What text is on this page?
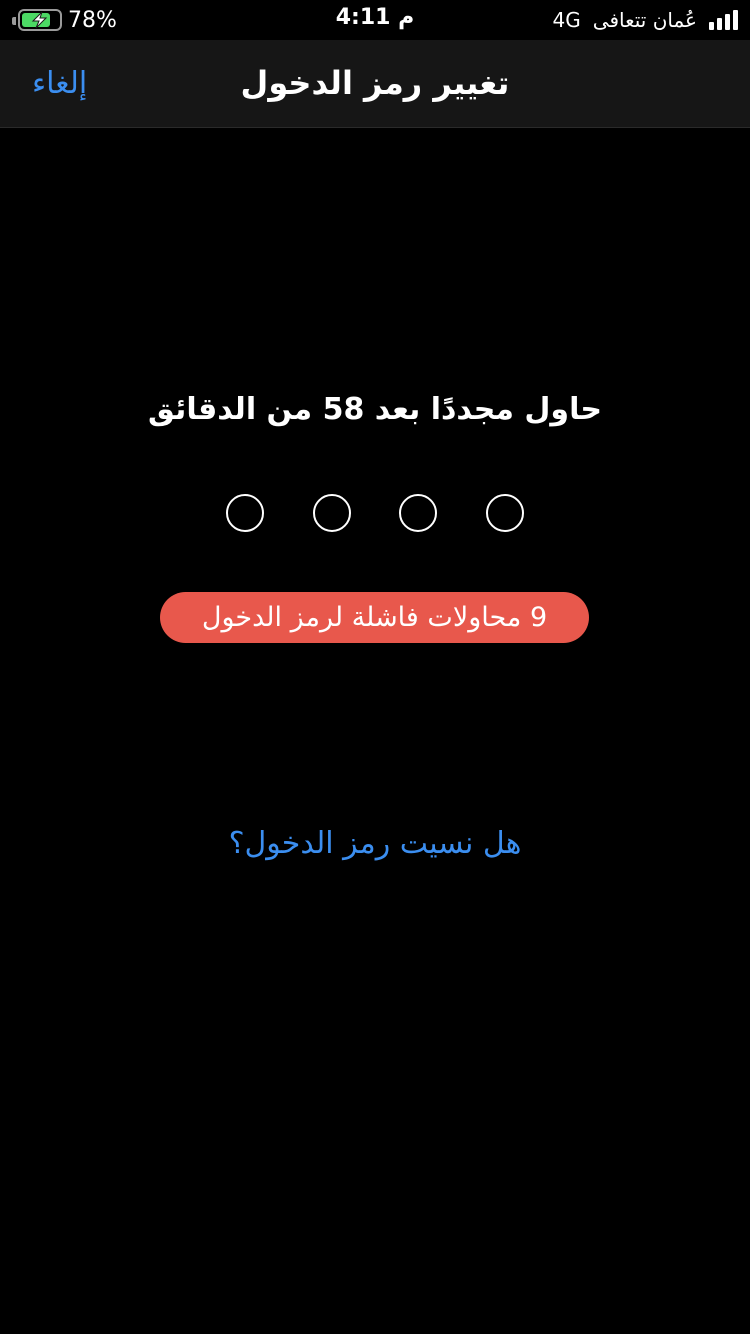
78%	4:11 م	4G عُمان تتعافى
تغيير رمز الدخول
إلغاء
حاول مجددًا بعد 58 من الدقائق
9 محاولات فاشلة لرمز الدخول
هل نسيت رمز الدخول؟
